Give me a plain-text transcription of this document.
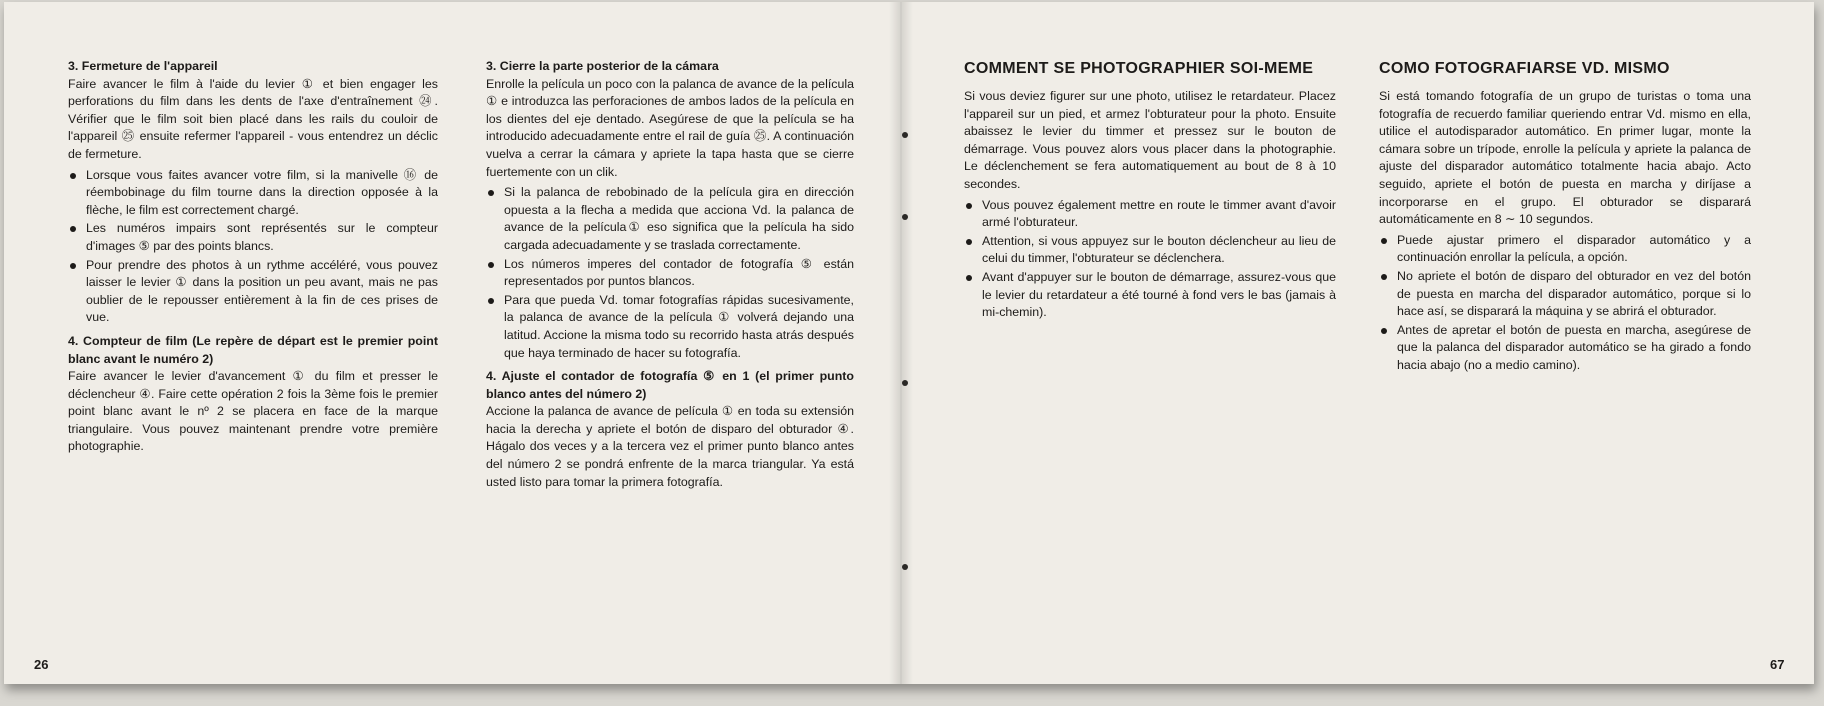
3. Fermeture de l'appareil

Faire avancer le film à l'aide du levier ① et bien engager les perforations du film dans les dents de l'axe d'entraînement ㉔. Vérifier que le film soit bien placé dans les rails du couloir de l'appareil ㉕ ensuite refermer l'appareil - vous entendrez un déclic de fermeture.

Lorsque vous faites avancer votre film, si la manivelle ⑯ de réembobinage du film tourne dans la direction opposée à la flèche, le film est correctement chargé.
Les numéros impairs sont représentés sur le compteur d'images ⑤ par des points blancs.
Pour prendre des photos à un rythme accéléré, vous pouvez laisser le levier ① dans la position un peu avant, mais ne pas oublier de le repousser entièrement à la fin de ces prises de vue.

4. Compteur de film (Le repère de départ est le premier point blanc avant le numéro 2)

Faire avancer le levier d'avancement ① du film et presser le déclencheur ④. Faire cette opération 2 fois la 3ème fois le premier point blanc avant le nº 2 se placera en face de la marque triangulaire. Vous pouvez maintenant prendre votre première photographie.

3. Cierre la parte posterior de la cámara

Enrolle la película un poco con la palanca de avance de la película ① e introduzca las perforaciones de ambos lados de la película en los dientes del eje dentado. Asegúrese de que la película se ha introducido adecuadamente entre el rail de guía ㉕. A continuación vuelva a cerrar la cámara y apriete la tapa hasta que se cierre fuertemente con un clik.

Si la palanca de rebobinado de la película gira en dirección opuesta a la flecha a medida que acciona Vd. la palanca de avance de la película① eso significa que la película ha sido cargada adecuadamente y se traslada correctamente.
Los números imperes del contador de fotografía ⑤ están representados por puntos blancos.
Para que pueda Vd. tomar fotografías rápidas sucesivamente, la palanca de avance de la película ① volverá dejando una latitud. Accione la misma todo su recorrido hasta atrás después que haya terminado de hacer su fotografía.

4. Ajuste el contador de fotografía ⑤ en 1 (el primer punto blanco antes del número 2)

Accione la palanca de avance de película ① en toda su extensión hacia la derecha y apriete el botón de disparo del obturador ④. Hágalo dos veces y a la tercera vez el primer punto blanco antes del número 2 se pondrá enfrente de la marca triangular. Ya está usted listo para tomar la primera fotografía.

COMMENT SE PHOTOGRAPHIER SOI-MEME

Si vous deviez figurer sur une photo, utilisez le retardateur. Placez l'appareil sur un pied, et armez l'obturateur pour la photo. Ensuite abaissez le levier du timmer et pressez sur le bouton de démarrage. Vous pouvez alors vous placer dans la photographie. Le déclenchement se fera automatiquement au bout de 8 à 10 secondes.

Vous pouvez également mettre en route le timmer avant d'avoir armé l'obturateur.
Attention, si vous appuyez sur le bouton déclencheur au lieu de celui du timmer, l'obturateur se déclenchera.
Avant d'appuyer sur le bouton de démarrage, assurez-vous que le levier du retardateur a été tourné à fond vers le bas (jamais à mi-chemin).

COMO FOTOGRAFIARSE VD. MISMO

Si está tomando fotografía de un grupo de turistas o toma una fotografía de recuerdo familiar queriendo entrar Vd. mismo en ella, utilice el autodisparador automático. En primer lugar, monte la cámara sobre un trípode, enrolle la película y apriete la palanca de ajuste del disparador automático totalmente hacia abajo. Acto seguido, apriete el botón de puesta en marcha y diríjase a incorporarse en el grupo. El obturador se disparará automáticamente en 8 ∼ 10 segundos.

Puede ajustar primero el disparador automático y a continuación enrollar la película, a opción.
No apriete el botón de disparo del obturador en vez del botón de puesta en marcha del disparador automático, porque si lo hace así, se disparará la máquina y se abrirá el obturador.
Antes de apretar el botón de puesta en marcha, asegúrese de que la palanca del disparador automático se ha girado a fondo hacia abajo (no a medio camino).
26	67
